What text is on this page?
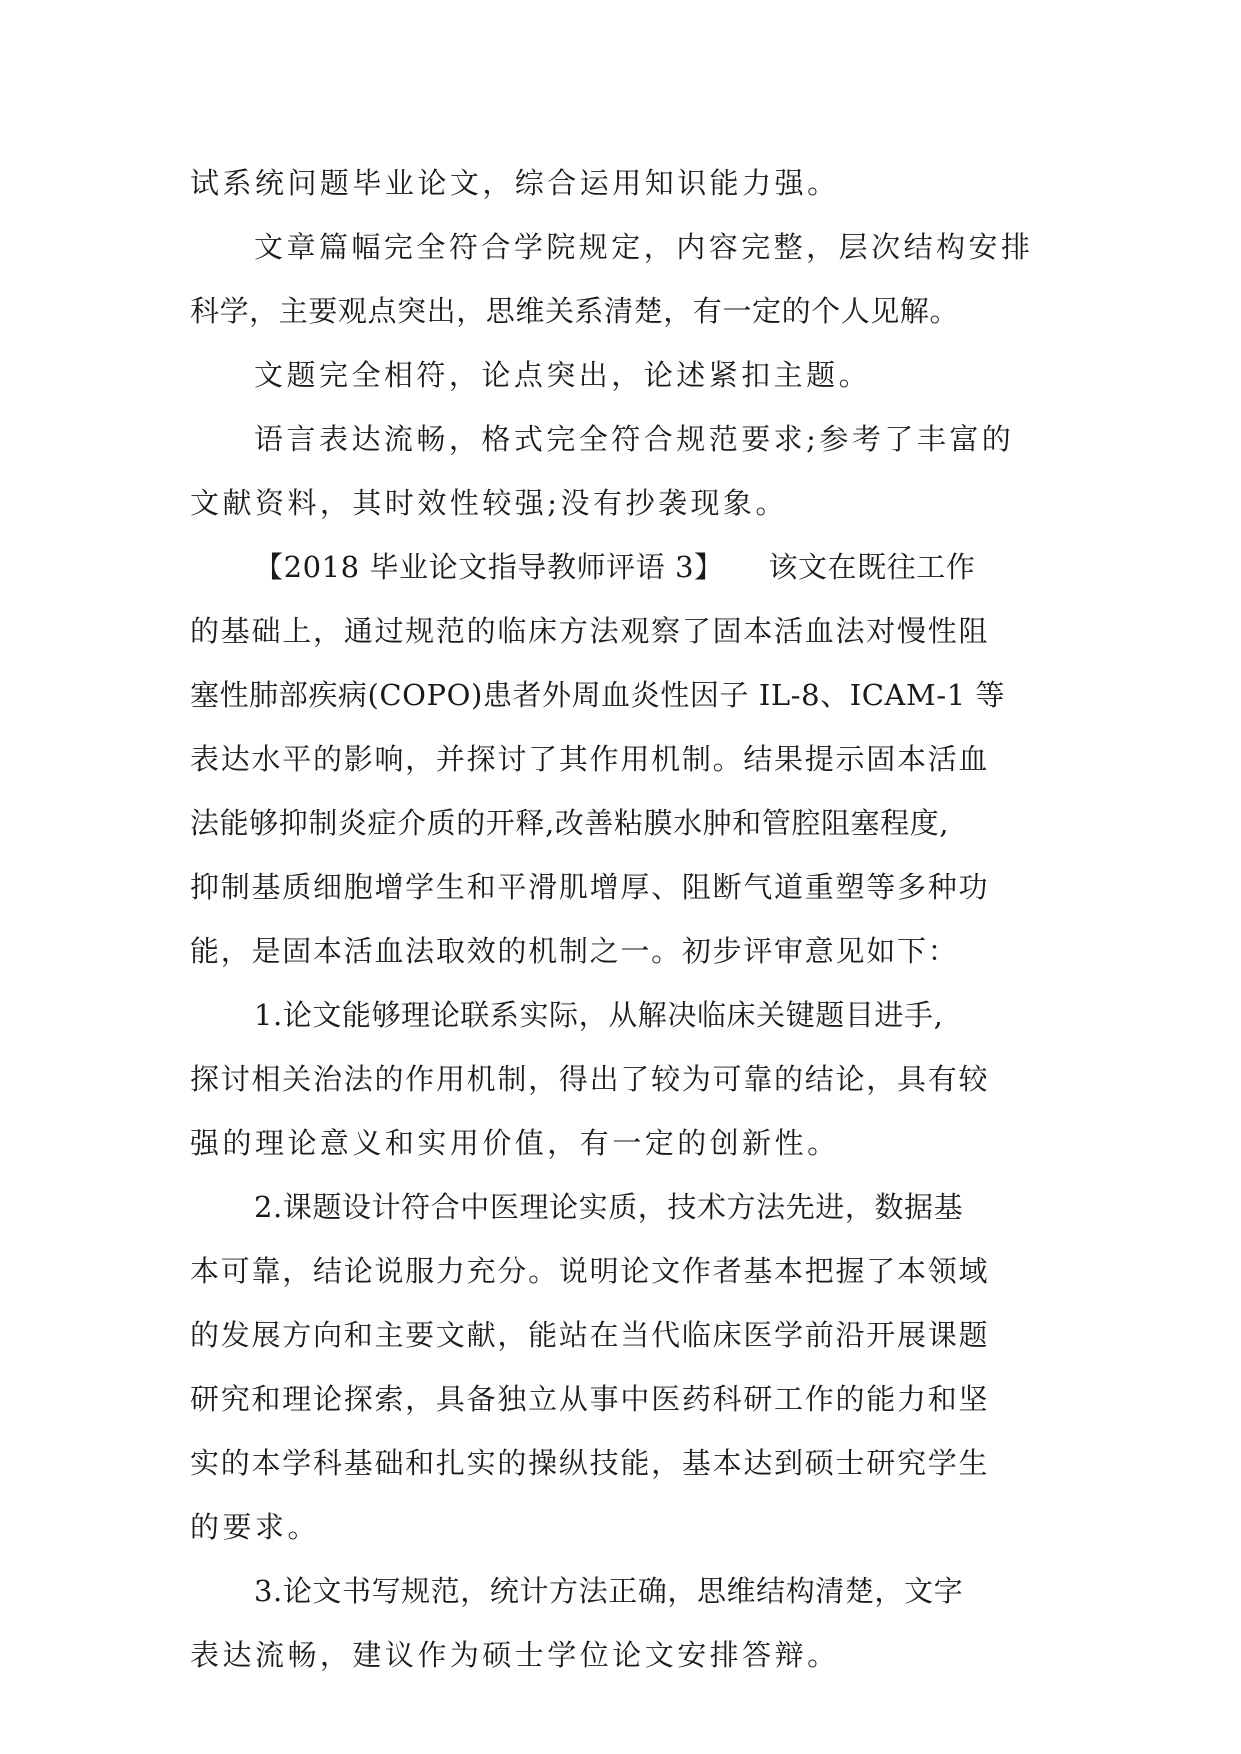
试系统问题毕业论文，综合运用知识能力强。
文章篇幅完全符合学院规定，内容完整，层次结构安排
科学，主要观点突出，思维关系清楚，有一定的个人见解。
文题完全相符，论点突出，论述紧扣主题。
语言表达流畅，格式完全符合规范要求;参考了丰富的
文献资料，其时效性较强;没有抄袭现象。
【2018 毕业论文指导教师评语 3】　　该文在既往工作
的基础上，通过规范的临床方法观察了固本活血法对慢性阻
塞性肺部疾病(COPO)患者外周血炎性因子 IL-8、ICAM-1 等
表达水平的影响，并探讨了其作用机制。结果提示固本活血
法能够抑制炎症介质的开释,改善粘膜水肿和管腔阻塞程度,
抑制基质细胞增学生和平滑肌增厚、阻断气道重塑等多种功
能，是固本活血法取效的机制之一。初步评审意见如下：
1.论文能够理论联系实际，从解决临床关键题目进手,
探讨相关治法的作用机制，得出了较为可靠的结论，具有较
强的理论意义和实用价值，有一定的创新性。
2.课题设计符合中医理论实质，技术方法先进，数据基
本可靠，结论说服力充分。说明论文作者基本把握了本领域
的发展方向和主要文献，能站在当代临床医学前沿开展课题
研究和理论探索，具备独立从事中医药科研工作的能力和坚
实的本学科基础和扎实的操纵技能，基本达到硕士研究学生
的要求。
3.论文书写规范，统计方法正确，思维结构清楚，文字
表达流畅，建议作为硕士学位论文安排答辩。
